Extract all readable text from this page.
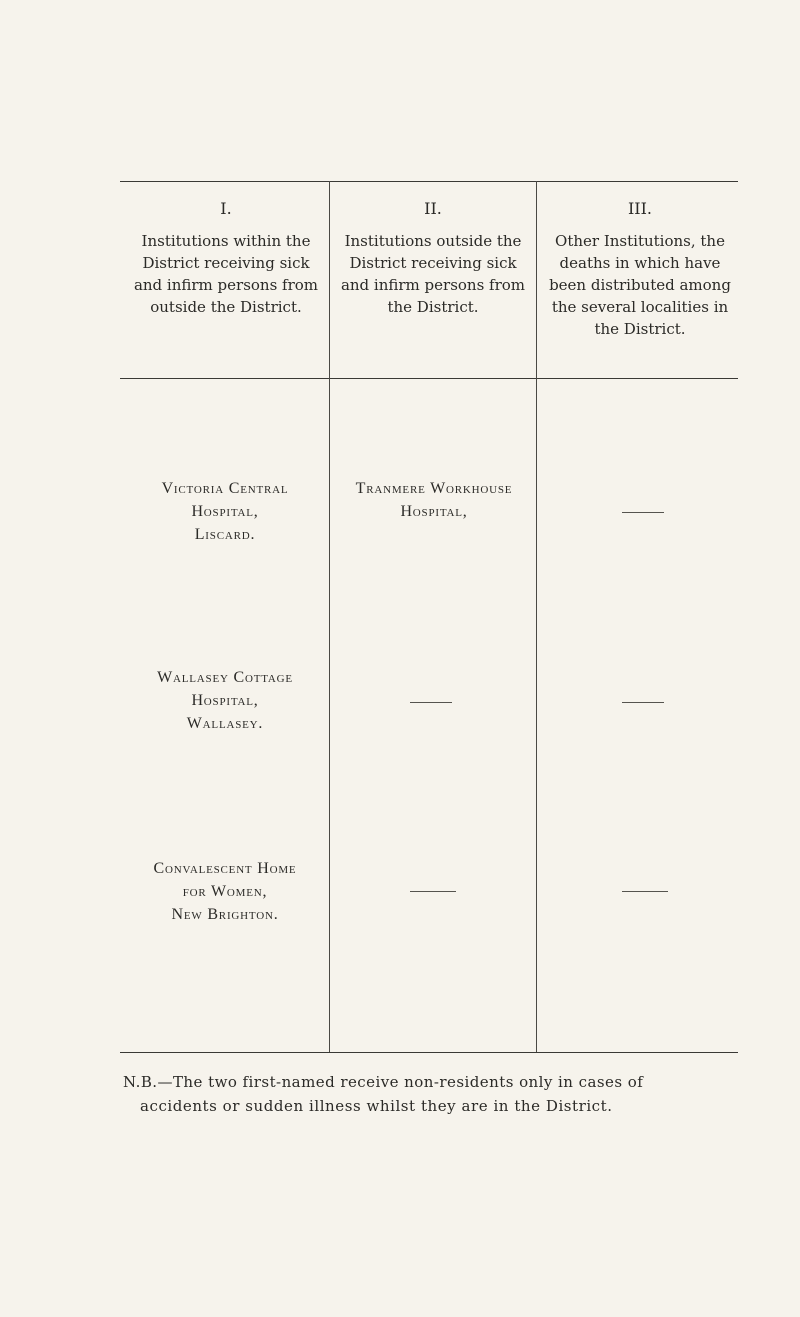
I.
Institutions within the District receiving sick and infirm persons from outside the District.
II.
Institutions outside the District receiving sick and infirm persons from the District.
III.
Other Institutions, the deaths in which have been distributed among the several localities in the District.
Victoria Central
Hospital,
Liscard.
Tranmere Workhouse
Hospital,
Wallasey Cottage
Hospital,
Wallasey.
Convalescent Home
for Women,
New Brighton.
N.B.—The two first-named receive non-residents only in cases of
accidents or sudden illness whilst they are in the District.
